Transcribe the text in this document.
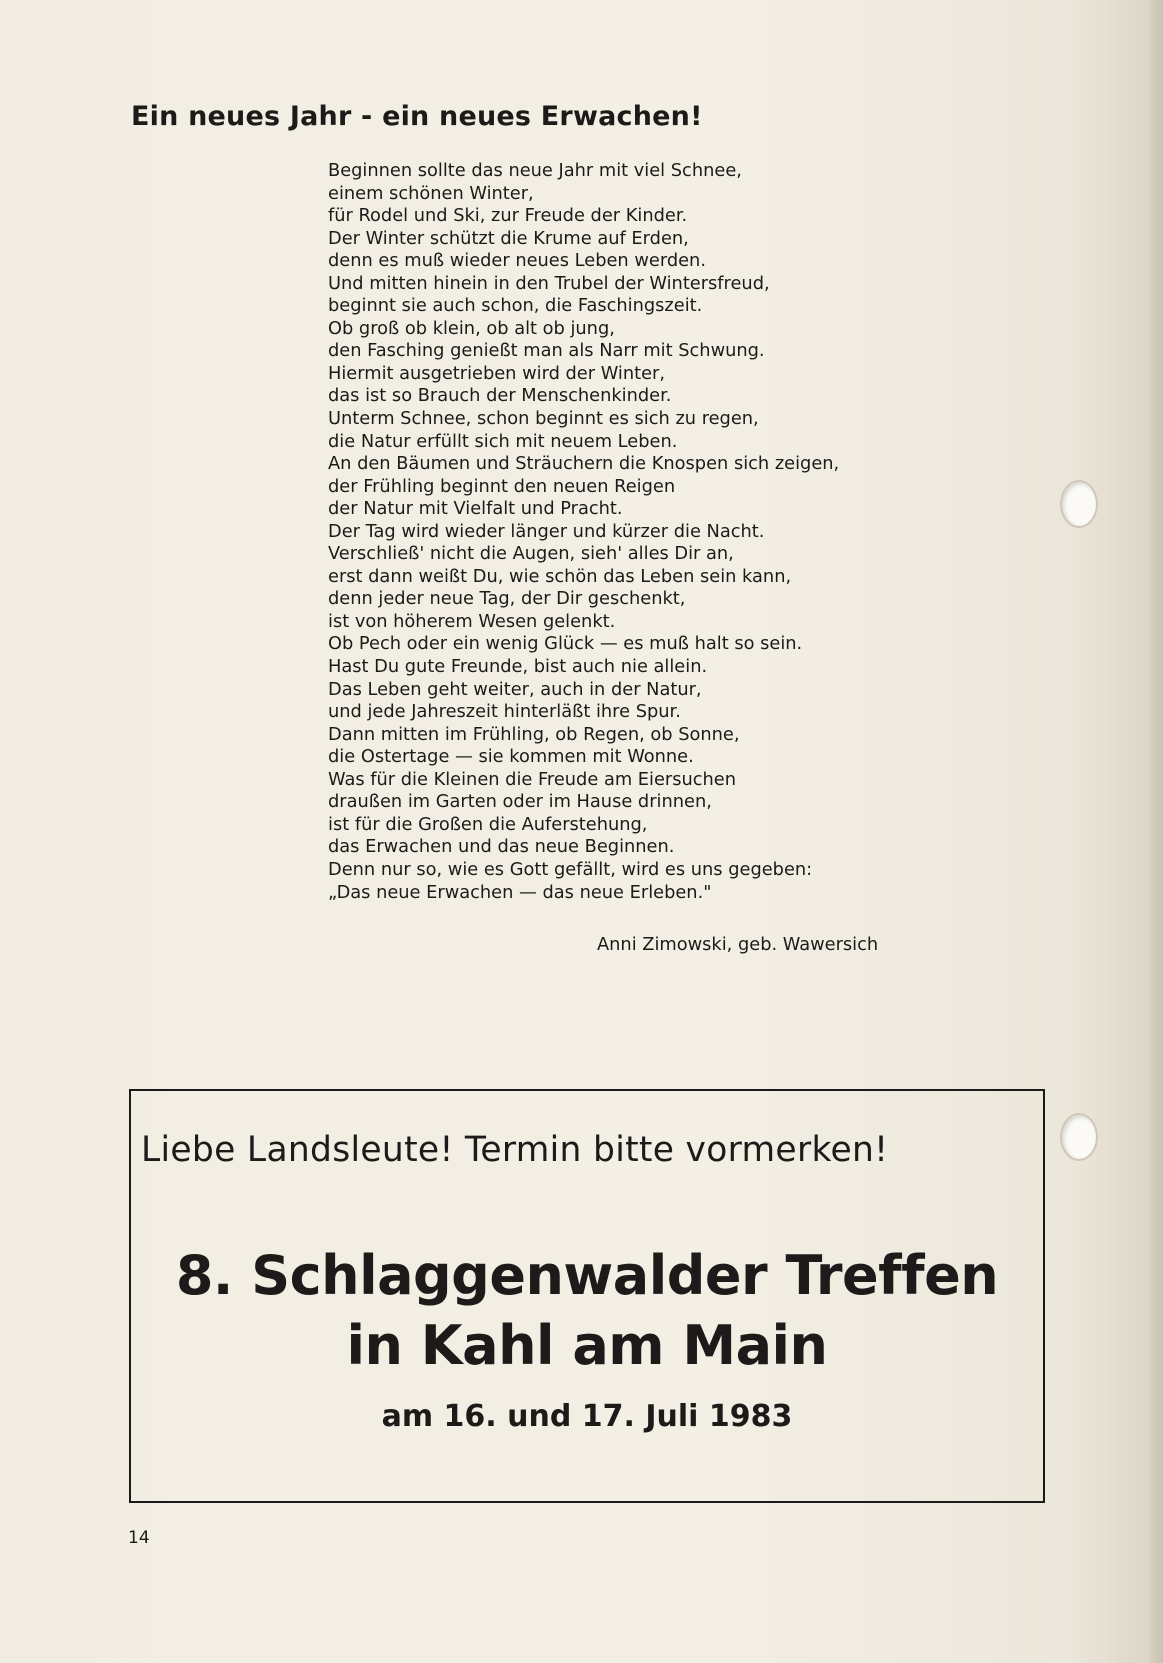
Ein neues Jahr - ein neues Erwachen!
Beginnen sollte das neue Jahr mit viel Schnee,
einem schönen Winter,
für Rodel und Ski, zur Freude der Kinder.
Der Winter schützt die Krume auf Erden,
denn es muß wieder neues Leben werden.
Und mitten hinein in den Trubel der Wintersfreud,
beginnt sie auch schon, die Faschingszeit.
Ob groß ob klein, ob alt ob jung,
den Fasching genießt man als Narr mit Schwung.
Hiermit ausgetrieben wird der Winter,
das ist so Brauch der Menschenkinder.
Unterm Schnee, schon beginnt es sich zu regen,
die Natur erfüllt sich mit neuem Leben.
An den Bäumen und Sträuchern die Knospen sich zeigen,
der Frühling beginnt den neuen Reigen
der Natur mit Vielfalt und Pracht.
Der Tag wird wieder länger und kürzer die Nacht.
Verschließ' nicht die Augen, sieh' alles Dir an,
erst dann weißt Du, wie schön das Leben sein kann,
denn jeder neue Tag, der Dir geschenkt,
ist von höherem Wesen gelenkt.
Ob Pech oder ein wenig Glück — es muß halt so sein.
Hast Du gute Freunde, bist auch nie allein.
Das Leben geht weiter, auch in der Natur,
und jede Jahreszeit hinterläßt ihre Spur.
Dann mitten im Frühling, ob Regen, ob Sonne,
die Ostertage — sie kommen mit Wonne.
Was für die Kleinen die Freude am Eiersuchen
draußen im Garten oder im Hause drinnen,
ist für die Großen die Auferstehung,
das Erwachen und das neue Beginnen.
Denn nur so, wie es Gott gefällt, wird es uns gegeben:
„Das neue Erwachen — das neue Erleben."
Anni Zimowski, geb. Wawersich
Liebe Landsleute! Termin bitte vormerken!
8. Schlaggenwalder Treffen
in Kahl am Main
am 16. und 17. Juli 1983
14
